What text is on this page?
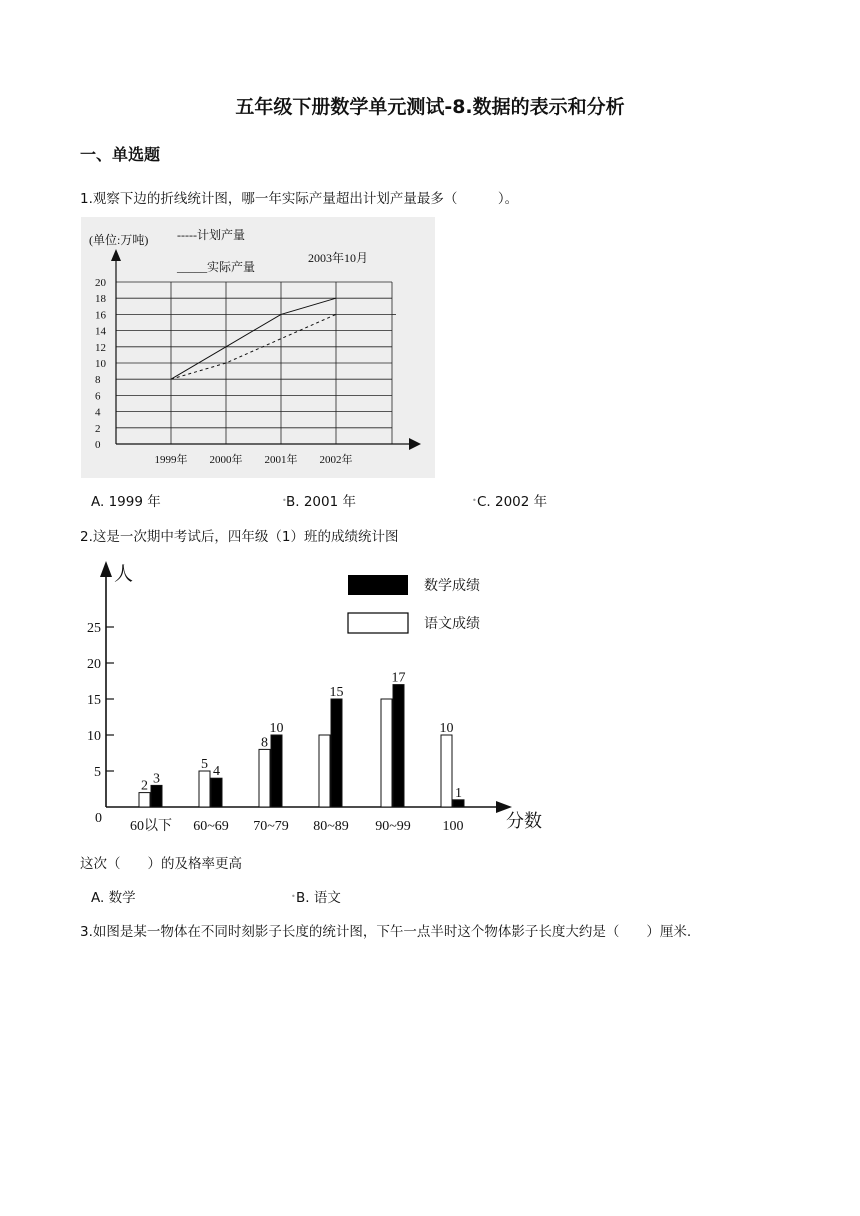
五年级下册数学单元测试-8.数据的表示和分析
一、单选题
1.观察下边的折线统计图，哪一年实际产量超出计划产量最多（　　　）。
0
2
4
6
8
10
12
14
16
18
20
1999年 2000年 2001年 2002年
(单位:万吨) -----计划产量
_____实际产量
2003年10月
A. 1999 年	• B. 2001 年	• C. 2002 年
2.这是一次期中考试后，四年级（1）班的成绩统计图
5
10
15
20
25
60以下
2 3
60~69
5 4
70~79
8
10
80~89
15
90~99
17
100
10
1
人
分数
0
数学成绩
语文成绩
这次（　　）的及格率更高
A. 数学	• B. 语文
3.如图是某一物体在不同时刻影子长度的统计图，下午一点半时这个物体影子长度大约是（　　）厘米.
